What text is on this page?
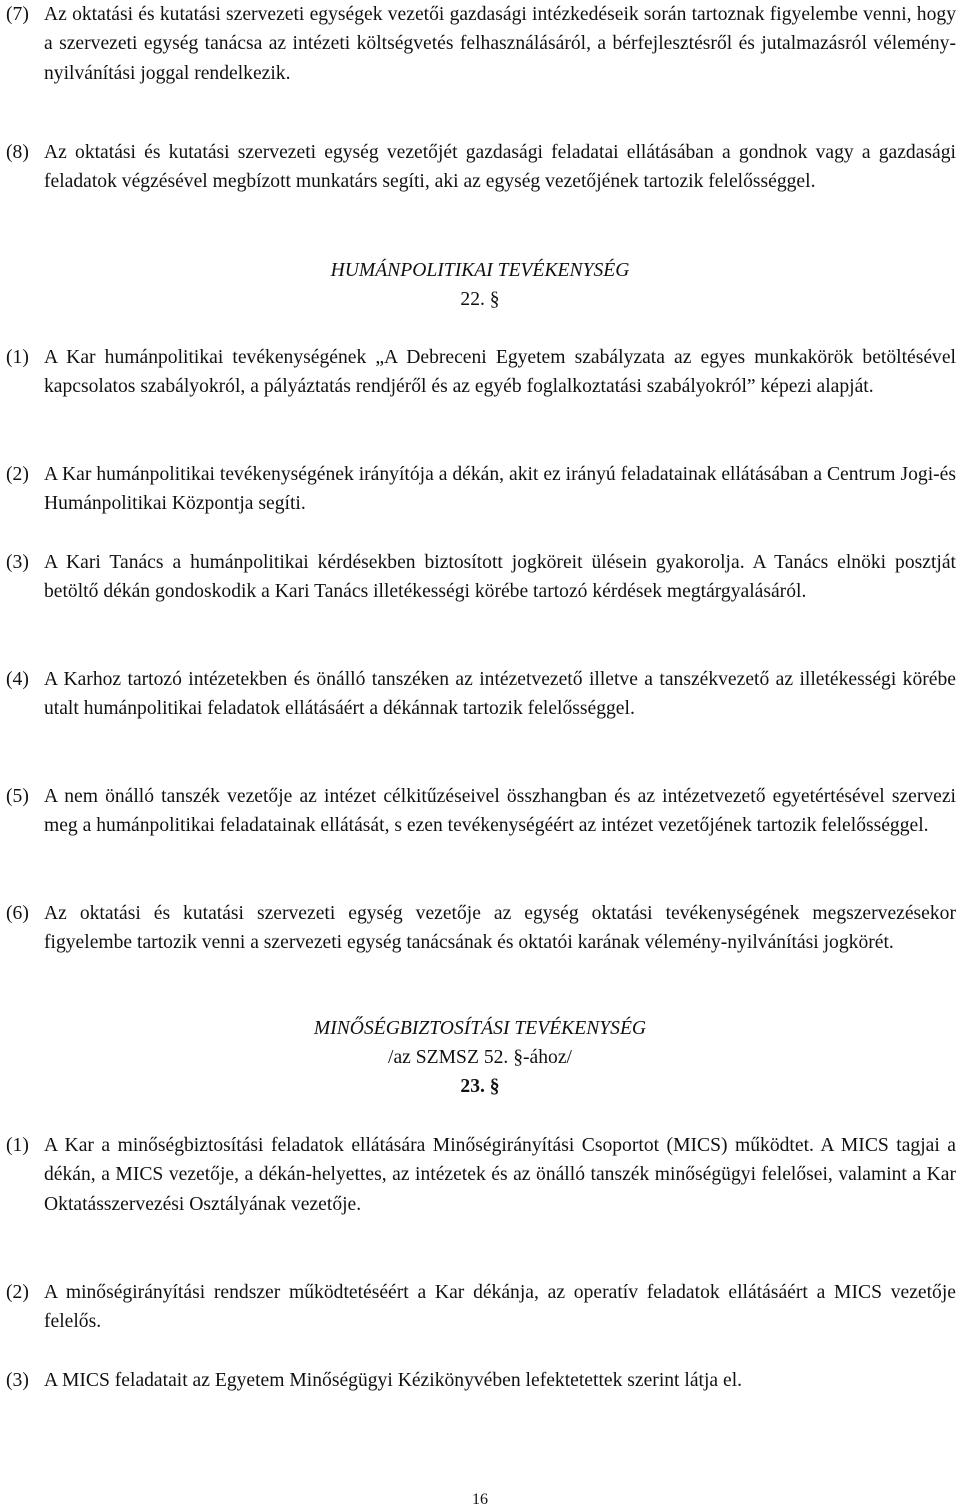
(7) Az oktatási és kutatási szervezeti egységek vezetői gazdasági intézkedéseik során tartoznak figyelembe venni, hogy a szervezeti egység tanácsa az intézeti költségvetés felhasználásáról, a bérfejlesztésről és jutalmazásról vélemény-nyilvánítási joggal rendelkezik.
(8) Az oktatási és kutatási szervezeti egység vezetőjét gazdasági feladatai ellátásában a gondnok vagy a gazdasági feladatok végzésével megbízott munkatárs segíti, aki az egység vezetőjének tartozik felelősséggel.
HUMÁNPOLITIKAI TEVÉKENYSÉG
22. §
(1) A Kar humánpolitikai tevékenységének „A Debreceni Egyetem szabályzata az egyes munkakörök betöltésével kapcsolatos szabályokról, a pályáztatás rendjéről és az egyéb foglalkoztatási szabályokról” képezi alapját.
(2) A Kar humánpolitikai tevékenységének irányítója a dékán, akit ez irányú feladatainak ellátásában a Centrum Jogi-és Humánpolitikai Központja segíti.
(3) A Kari Tanács a humánpolitikai kérdésekben biztosított jogköreit ülésein gyakorolja. A Tanács elnöki posztját betöltő dékán gondoskodik a Kari Tanács illetékességi körébe tartozó kérdések megtárgyalásáról.
(4) A Karhoz tartozó intézetekben és önálló tanszéken az intézetvezető illetve a tanszékvezető az illetékességi körébe utalt humánpolitikai feladatok ellátásáért a dékánnak tartozik felelősséggel.
(5) A nem önálló tanszék vezetője az intézet célkitűzéseivel összhangban és az intézetvezető egyetértésével szervezi meg a humánpolitikai feladatainak ellátását, s ezen tevékenységéért az intézet vezetőjének tartozik felelősséggel.
(6) Az oktatási és kutatási szervezeti egység vezetője az egység oktatási tevékenységének megszervezésekor figyelembe tartozik venni a szervezeti egység tanácsának és oktatói karának vélemény-nyilvánítási jogkörét.
MINŐSÉGBIZTOSÍTÁSI TEVÉKENYSÉG
/az SZMSZ 52. §-ához/
23. §
(1) A Kar a minőségbiztosítási feladatok ellátására Minőségirányítási Csoportot (MICS) működtet. A MICS tagjai a dékán, a MICS vezetője, a dékán-helyettes, az intézetek és az önálló tanszék minőségügyi felelősei, valamint a Kar Oktatásszervezési Osztályának vezetője.
(2) A minőségirányítási rendszer működtetéséért a Kar dékánja, az operatív feladatok ellátásáért a MICS vezetője felelős.
(3) A MICS feladatait az Egyetem Minőségügyi Kézikönyvében lefektetettek szerint látja el.
16
